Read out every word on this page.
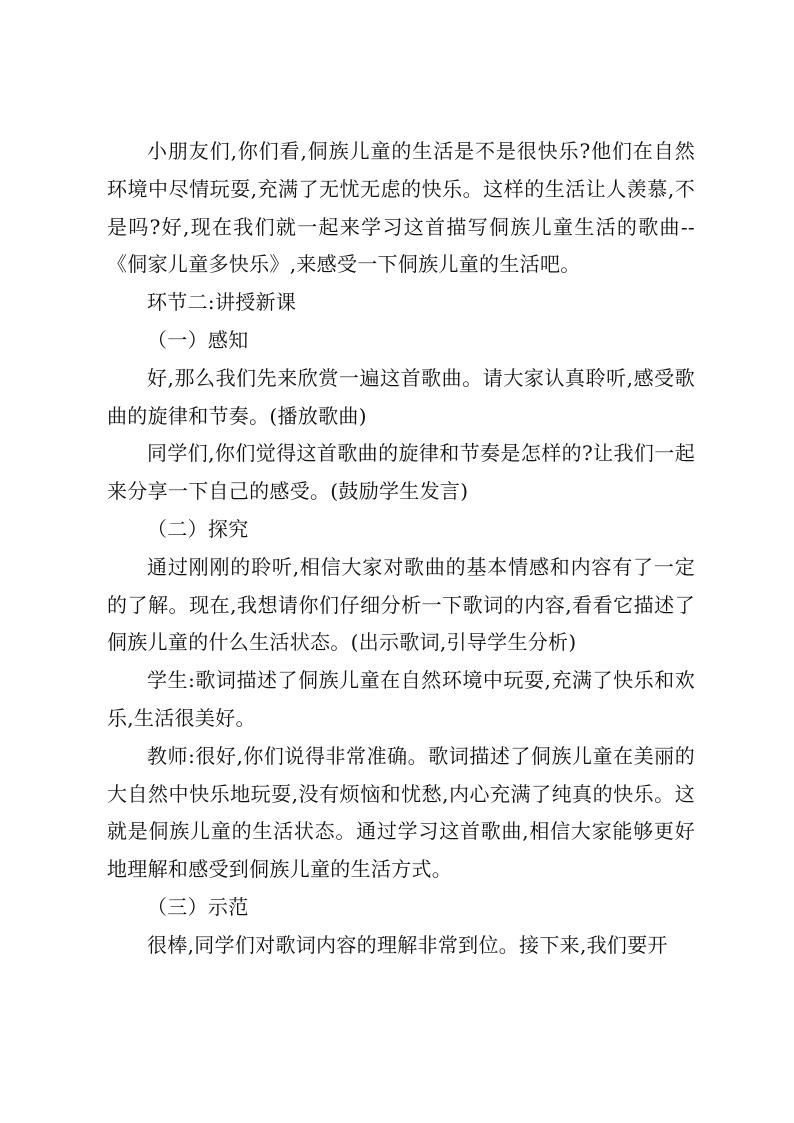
小朋友们,你们看,侗族儿童的生活是不是很快乐?他们在自然环境中尽情玩耍,充满了无忧无虑的快乐。这样的生活让人羡慕,不是吗?好,现在我们就一起来学习这首描写侗族儿童生活的歌曲--《侗家儿童多快乐》,来感受一下侗族儿童的生活吧。

环节二:讲授新课

（一）感知

好,那么我们先来欣赏一遍这首歌曲。请大家认真聆听,感受歌曲的旋律和节奏。(播放歌曲)

同学们,你们觉得这首歌曲的旋律和节奏是怎样的?让我们一起来分享一下自己的感受。(鼓励学生发言)

（二）探究

通过刚刚的聆听,相信大家对歌曲的基本情感和内容有了一定的了解。现在,我想请你们仔细分析一下歌词的内容,看看它描述了侗族儿童的什么生活状态。(出示歌词,引导学生分析)

学生:歌词描述了侗族儿童在自然环境中玩耍,充满了快乐和欢乐,生活很美好。

教师:很好,你们说得非常准确。歌词描述了侗族儿童在美丽的大自然中快乐地玩耍,没有烦恼和忧愁,内心充满了纯真的快乐。这就是侗族儿童的生活状态。通过学习这首歌曲,相信大家能够更好地理解和感受到侗族儿童的生活方式。

（三）示范

很棒,同学们对歌词内容的理解非常到位。接下来,我们要开
